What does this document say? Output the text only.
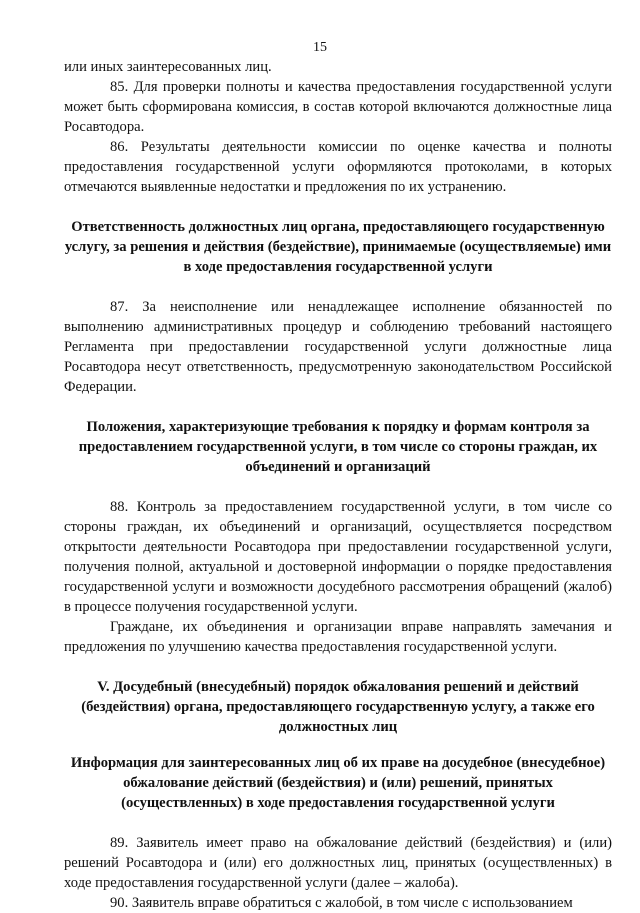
15

или иных заинтересованных лиц.

85. Для проверки полноты и качества предоставления государственной услуги может быть сформирована комиссия, в состав которой включаются должностные лица Росавтодора.

86. Результаты деятельности комиссии по оценке качества и полноты предоставления государственной услуги оформляются протоколами, в которых отмечаются выявленные недостатки и предложения по их устранению.

Ответственность должностных лиц органа, предоставляющего государственную услугу, за решения и действия (бездействие), принимаемые (осуществляемые) ими в ходе предоставления государственной услуги

87. За неисполнение или ненадлежащее исполнение обязанностей по выполнению административных процедур и соблюдению требований настоящего Регламента при предоставлении государственной услуги должностные лица Росавтодора несут ответственность, предусмотренную законодательством Российской Федерации.

Положения, характеризующие требования к порядку и формам контроля за предоставлением государственной услуги, в том числе со стороны граждан, их объединений и организаций

88. Контроль за предоставлением государственной услуги, в том числе со стороны граждан, их объединений и организаций, осуществляется посредством открытости деятельности Росавтодора при предоставлении государственной услуги, получения полной, актуальной и достоверной информации о порядке предоставления государственной услуги и возможности досудебного рассмотрения обращений (жалоб) в процессе получения государственной услуги.

Граждане, их объединения и организации вправе направлять замечания и предложения по улучшению качества предоставления государственной услуги.

V. Досудебный (внесудебный) порядок обжалования решений и действий (бездействия) органа, предоставляющего государственную услугу, а также его должностных лиц
Информация для заинтересованных лиц об их праве на досудебное (внесудебное) обжалование действий (бездействия) и (или) решений, принятых (осуществленных) в ходе предоставления государственной услуги

89. Заявитель имеет право на обжалование действий (бездействия) и (или) решений Росавтодора и (или) его должностных лиц, принятых (осуществленных) в ходе предоставления государственной услуги (далее – жалоба).

90. Заявитель вправе обратиться с жалобой, в том числе с использованием
